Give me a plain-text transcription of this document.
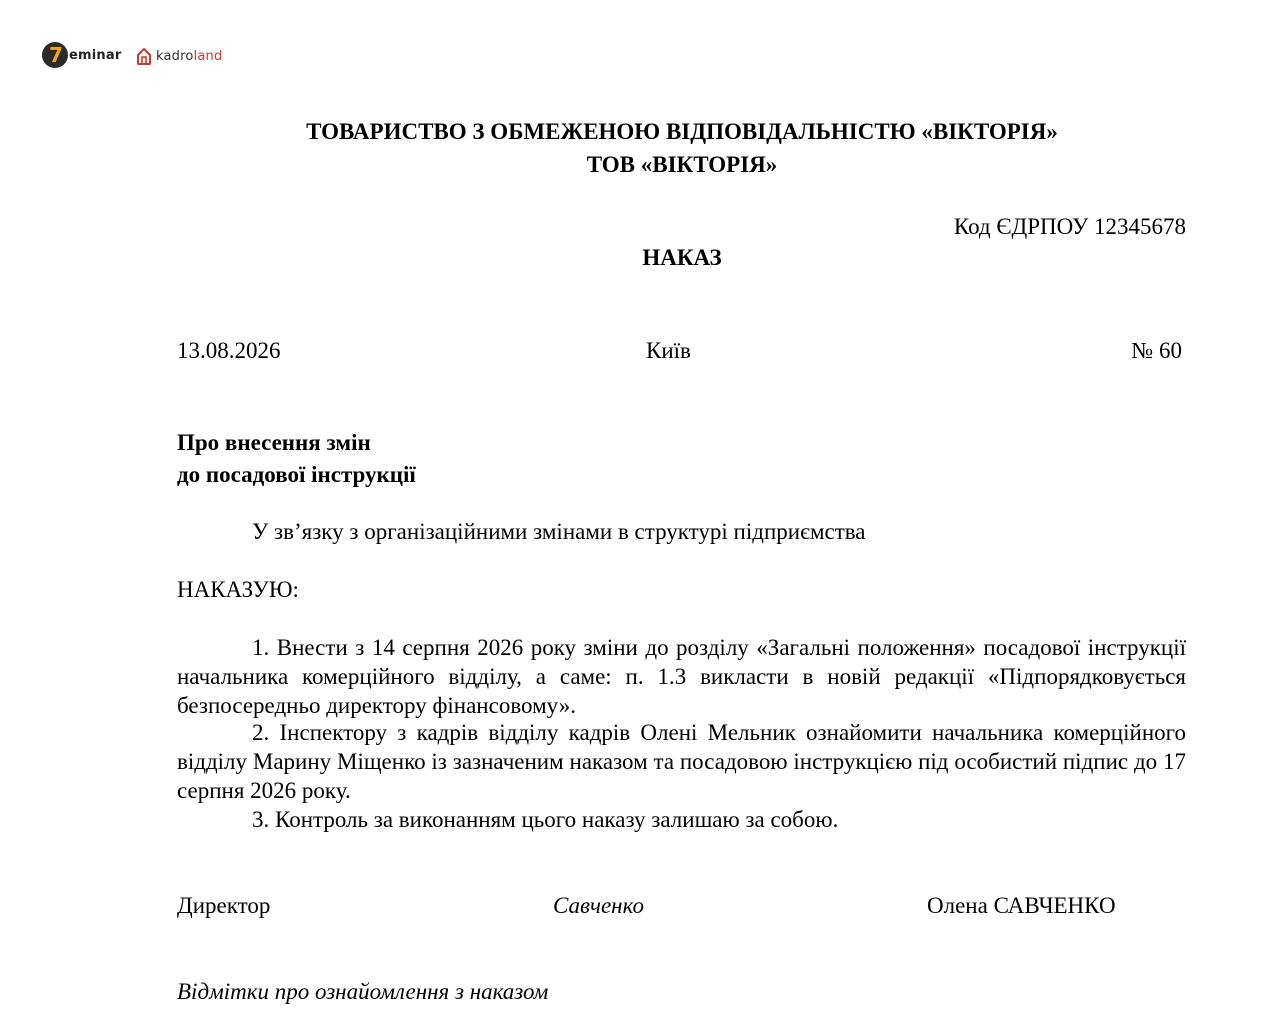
7 eminar	kadroland
ТОВАРИСТВО З ОБМЕЖЕНОЮ ВІДПОВІДАЛЬНІСТЮ «ВІКТОРІЯ»
ТОВ «ВІКТОРІЯ»
Код ЄДРПОУ 12345678
НАКАЗ
13.08.2026	Київ	№ 60
Про внесення змін
до посадової інструкції
У зв’язку з організаційними змінами в структурі підприємства
НАКАЗУЮ:
1. Внести з 14 серпня 2026 року зміни до розділу «Загальні положення» посадової інструкції начальника комерційного відділу, а саме: п. 1.3 викласти в новій редакції «Підпорядковується безпосередньо директору фінансовому».
2. Інспектору з кадрів відділу кадрів Олені Мельник ознайомити начальника комерційного відділу Марину Міщенко із зазначеним наказом та посадовою інструкцією під особистий підпис до 17 серпня 2026 року.
3. Контроль за виконанням цього наказу залишаю за собою.
Директор	Савченко	Олена САВЧЕНКО
Відмітки про ознайомлення з наказом
